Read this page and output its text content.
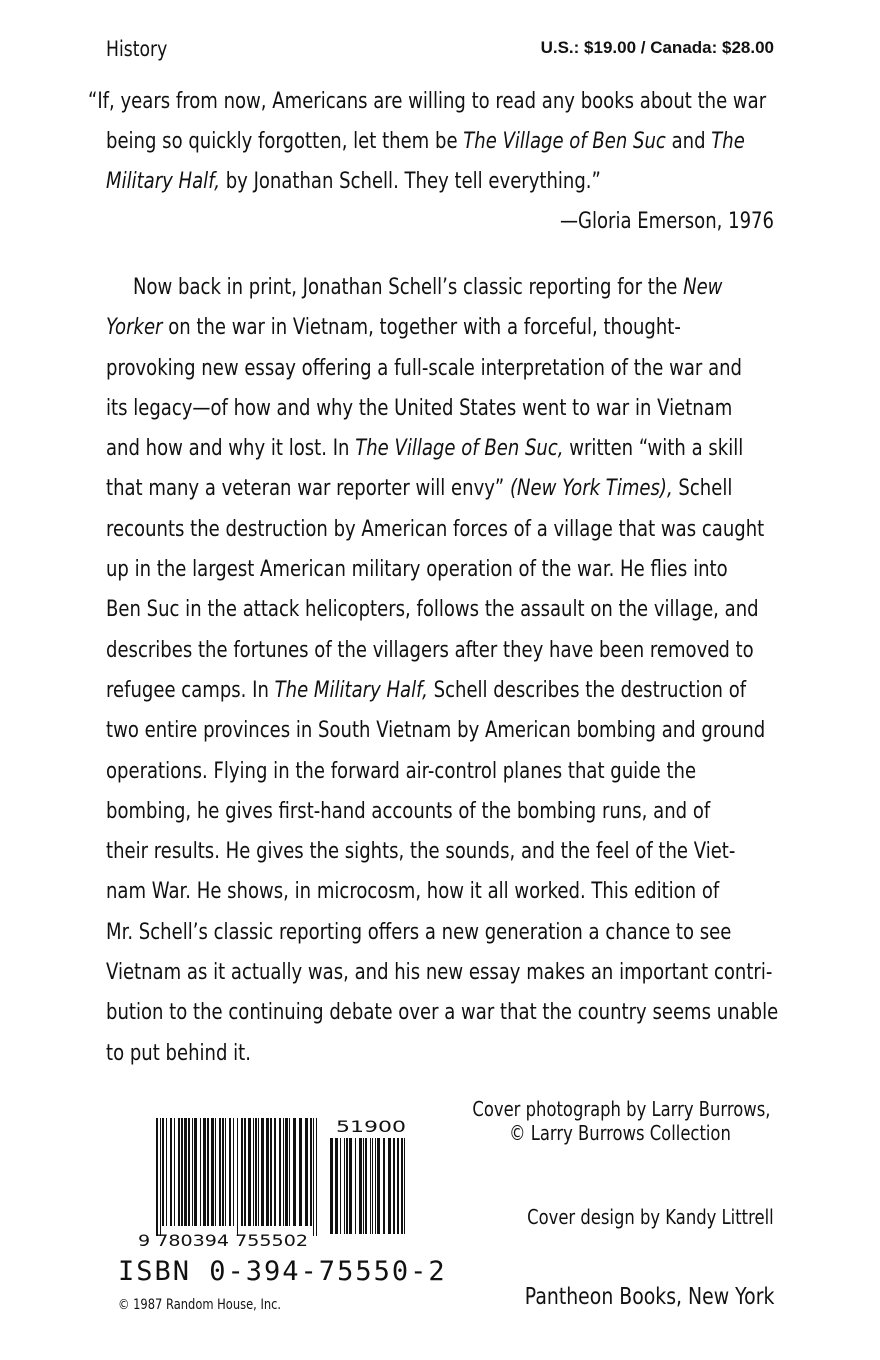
History	U.S.: $19.00 / Canada: $28.00
“If, years from now, Americans are willing to read any books about the war
being so quickly forgotten, let them be The Village of Ben Suc and The
Military Half, by Jonathan Schell. They tell everything.”
—Gloria Emerson, 1976
Now back in print, Jonathan Schell’s classic reporting for the New
Yorker on the war in Vietnam, together with a forceful, thought-
provoking new essay offering a full-scale interpretation of the war and
its legacy—of how and why the United States went to war in Vietnam
and how and why it lost. In The Village of Ben Suc, written “with a skill
that many a veteran war reporter will envy” (New York Times), Schell
recounts the destruction by American forces of a village that was caught
up in the largest American military operation of the war. He flies into
Ben Suc in the attack helicopters, follows the assault on the village, and
describes the fortunes of the villagers after they have been removed to
refugee camps. In The Military Half, Schell describes the destruction of
two entire provinces in South Vietnam by American bombing and ground
operations. Flying in the forward air-control planes that guide the
bombing, he gives first-hand accounts of the bombing runs, and of
their results. He gives the sights, the sounds, and the feel of the Viet-
nam War. He shows, in microcosm, how it all worked. This edition of
Mr. Schell’s classic reporting offers a new generation a chance to see
Vietnam as it actually was, and his new essay makes an important contri-
bution to the continuing debate over a war that the country seems unable
to put behind it.
9 780394 755502
51900
ISBN 0-394-75550-2
© 1987 Random House, Inc.
Cover photograph by Larry Burrows,
© Larry Burrows Collection
Cover design by Kandy Littrell
Pantheon Books, New York
